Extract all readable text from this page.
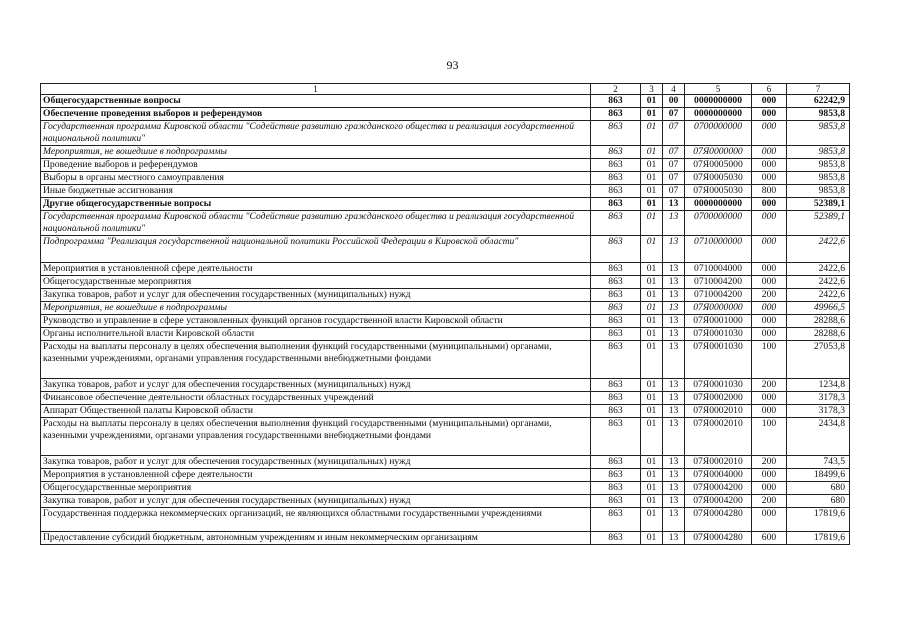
93
1	2	3	4	5	6	7
Общегосударственные вопросы	863	01	00	0000000000	000	62242,9
Обеспечение проведения выборов и референдумов	863	01	07	0000000000	000	9853,8
Государственная программа Кировской области "Содействие развитию гражданского общества и реализация государственной национальной политики"	863	01	07	0700000000	000	9853,8
Мероприятия, не вошедшие в подпрограммы	863	01	07	07Я0000000	000	9853,8
Проведение выборов и референдумов	863	01	07	07Я0005000	000	9853,8
Выборы в органы местного самоуправления	863	01	07	07Я0005030	000	9853,8
Иные бюджетные ассигнования	863	01	07	07Я0005030	800	9853,8
Другие общегосударственные вопросы	863	01	13	0000000000	000	52389,1
Государственная программа Кировской области "Содействие развитию гражданского общества и реализация государственной национальной политики"	863	01	13	0700000000	000	52389,1
Подпрограмма "Реализация государственной национальной политики Российской Федерации в Кировской области"	863	01	13	0710000000	000	2422,6
Мероприятия в установленной сфере деятельности	863	01	13	0710004000	000	2422,6
Общегосударственные мероприятия	863	01	13	0710004200	000	2422,6
Закупка товаров, работ и услуг для обеспечения государственных (муниципальных) нужд	863	01	13	0710004200	200	2422,6
Мероприятия, не вошедшие в подпрограммы	863	01	13	07Я0000000	000	49966,5
Руководство и управление в сфере установленных функций органов государственной власти Кировской области	863	01	13	07Я0001000	000	28288,6
Органы исполнительной власти Кировской области	863	01	13	07Я0001030	000	28288,6
Расходы на выплаты персоналу в целях обеспечения выполнения функций государственными (муниципальными) органами, казенными учреждениями, органами управления государственными внебюджетными фондами	863	01	13	07Я0001030	100	27053,8
Закупка товаров, работ и услуг для обеспечения государственных (муниципальных) нужд	863	01	13	07Я0001030	200	1234,8
Финансовое обеспечение деятельности областных государственных учреждений	863	01	13	07Я0002000	000	3178,3
Аппарат Общественной палаты Кировской области	863	01	13	07Я0002010	000	3178,3
Расходы на выплаты персоналу в целях обеспечения выполнения функций государственными (муниципальными) органами, казенными учреждениями, органами управления государственными внебюджетными фондами	863	01	13	07Я0002010	100	2434,8
Закупка товаров, работ и услуг для обеспечения государственных (муниципальных) нужд	863	01	13	07Я0002010	200	743,5
Мероприятия в установленной сфере деятельности	863	01	13	07Я0004000	000	18499,6
Общегосударственные мероприятия	863	01	13	07Я0004200	000	680
Закупка товаров, работ и услуг для обеспечения государственных (муниципальных) нужд	863	01	13	07Я0004200	200	680
Государственная поддержка некоммерческих организаций, не являющихся областными государственными учреждениями	863	01	13	07Я0004280	000	17819,6
Предоставление субсидий бюджетным, автономным учреждениям и иным некоммерческим организациям	863	01	13	07Я0004280	600	17819,6
